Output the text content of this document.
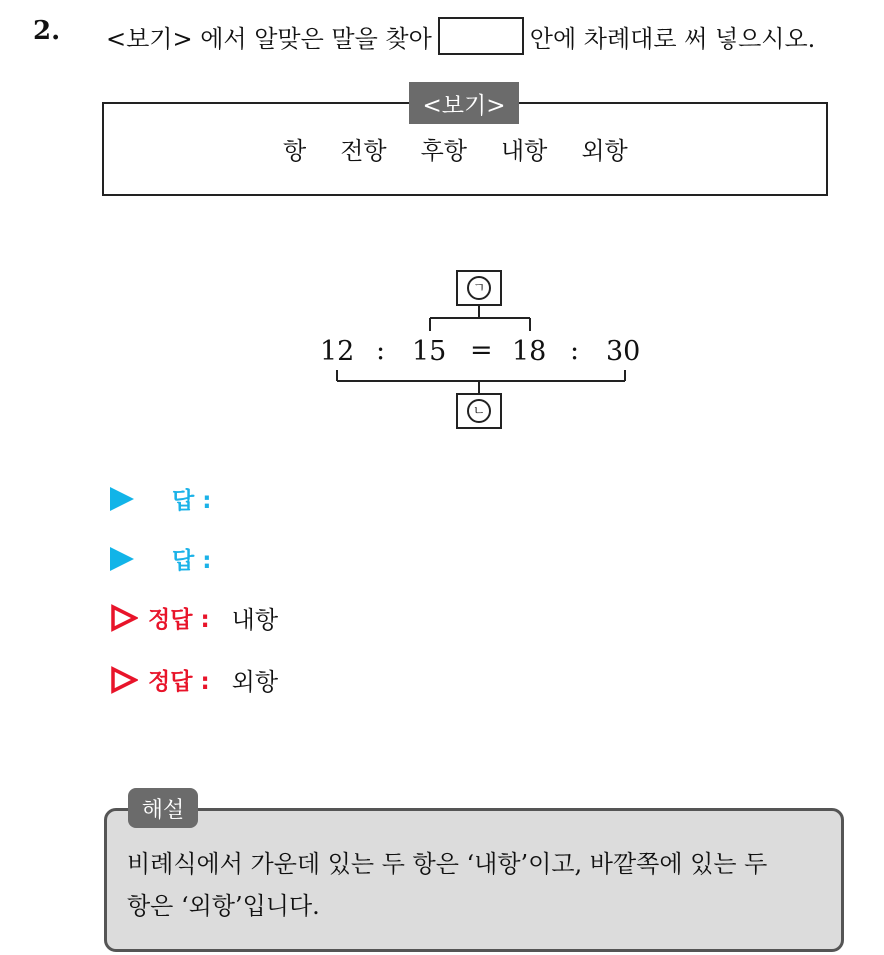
2. <보기> 에서 알맞은 말을 찾아	안에 차례대로 써 넣으시오.
<보기>
항 전항 후항 내항 외항
ㄱ
ㄴ
12 : 15 = 18 : 30
답 :
답 :
정답 : 내항
정답 : 외항
해설
비례식에서 가운데 있는 두 항은 ‘내항’이고, 바깥쪽에 있는 두
항은 ‘외항’입니다.
